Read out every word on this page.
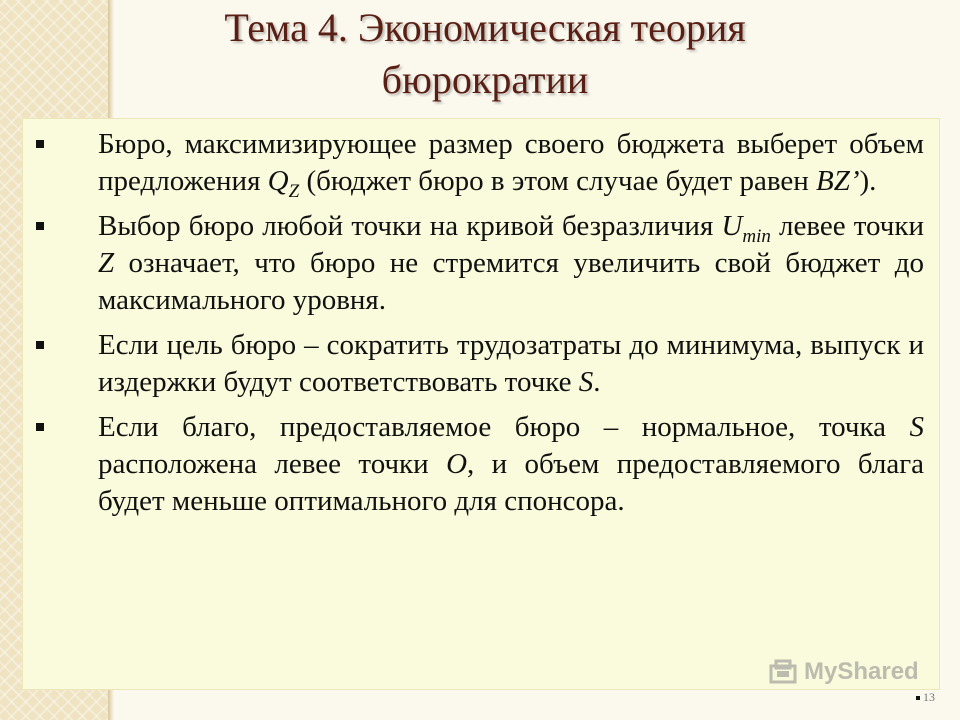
Тема 4. Экономическая теория
бюрократии
Бюро, максимизирующее размер своего бюджета выберет объем предложения $Q_Z$ (бюджет бюро в этом случае будет равен BZ’).
Выбор бюро любой точки на кривой безразличия $U_{min}$ левее точки Z означает, что бюро не стремится увеличить свой бюджет до максимального уровня.
Если цель бюро – сократить трудозатраты до минимума, выпуск и издержки будут соответствовать точке S.
Если благо, предоставляемое бюро – нормальное, точка S расположена левее точки O, и объем предоставляемого блага будет меньше оптимального для спонсора.
MyShared
13
